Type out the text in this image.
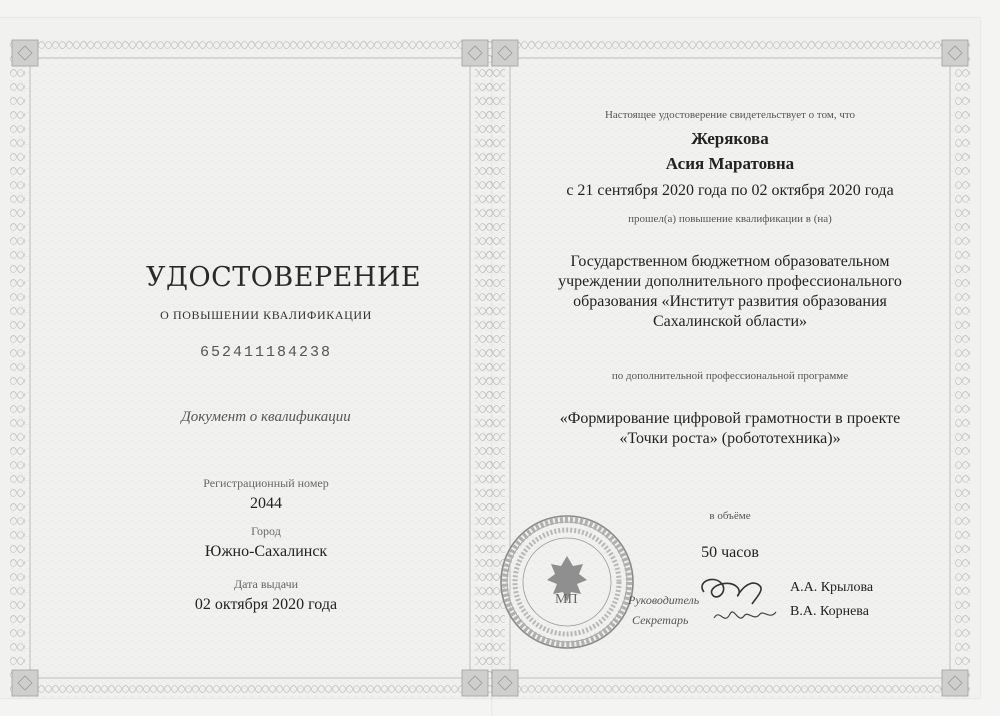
УДОСТОВЕРЕНИЕ
О ПОВЫШЕНИИ КВАЛИФИКАЦИИ
652411184238
Документ о квалификации
Регистрационный номер
2044
Город
Южно-Сахалинск
Дата выдачи
02 октября 2020 года
Настоящее удостоверение свидетельствует о том, что
Жерякова
Асия Маратовна
с 21 сентября 2020 года по 02 октября 2020 года
прошел(а) повышение квалификации в (на)
Государственном бюджетном образовательном
учреждении дополнительного профессионального
образования «Институт развития образования
Сахалинской области»
по дополнительной профессиональной программе
«Формирование цифровой грамотности в проекте
«Точки роста» (робототехника)»
в объёме
50 часов
МП	Руководитель
А.А. Крылова
Секретарь
В.А. Корнева
